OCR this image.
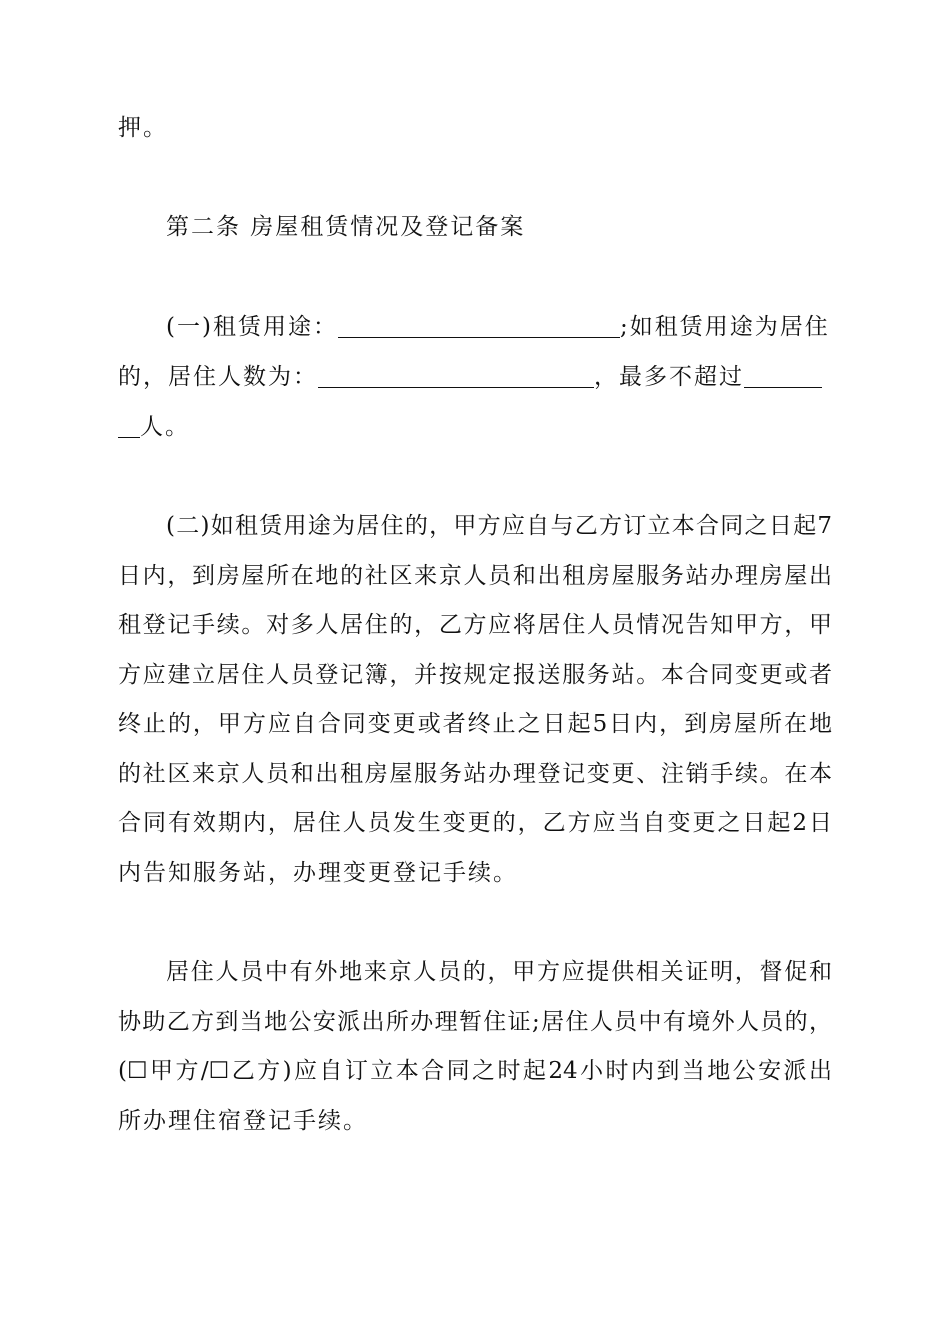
押。
第二条 房屋租赁情况及登记备案
(一)租赁用途：	;如租赁用途为居住
的，居住人数为：	，最多不超过
人。
(二)如租赁用途为居住的，甲方应自与乙方订立本合同之日起7
日内，到房屋所在地的社区来京人员和出租房屋服务站办理房屋出
租登记手续。对多人居住的，乙方应将居住人员情况告知甲方，甲
方应建立居住人员登记簿，并按规定报送服务站。本合同变更或者
终止的，甲方应自合同变更或者终止之日起5日内，到房屋所在地
的社区来京人员和出租房屋服务站办理登记变更、注销手续。在本
合同有效期内，居住人员发生变更的，乙方应当自变更之日起2日
内告知服务站，办理变更登记手续。
居住人员中有外地来京人员的，甲方应提供相关证明，督促和
协助乙方到当地公安派出所办理暂住证;居住人员中有境外人员的，
(☐甲方/☐乙方)应自订立本合同之时起24小时内到当地公安派出
所办理住宿登记手续。
